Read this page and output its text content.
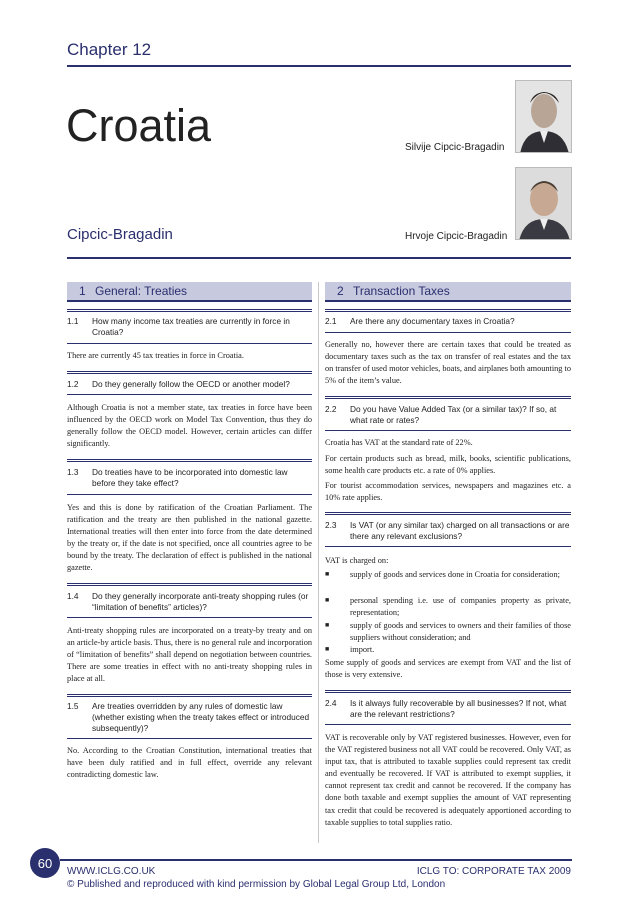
Chapter 12
Croatia	Silvije Cipcic-Bragadin
Hrvoje Cipcic-Bragadin
Cipcic-Bragadin
1 General: Treaties	2 Transaction Taxes
1.1 How many income tax treaties are currently in force in Croatia?
There are currently 45 tax treaties in force in Croatia.
1.2 Do they generally follow the OECD or another model?
Although Croatia is not a member state, tax treaties in force have been influenced by the OECD work on Model Tax Convention, thus they do generally follow the OECD model. However, certain articles can differ significantly.
1.3 Do treaties have to be incorporated into domestic law before they take effect?
Yes and this is done by ratification of the Croatian Parliament. The ratification and the treaty are then published in the national gazette. International treaties will then enter into force from the date determined by the treaty or, if the date is not specified, once all countries agree to be bound by the treaty. The declaration of effect is published in the national gazette.
1.4 Do they generally incorporate anti-treaty shopping rules (or “limitation of benefits” articles)?
Anti-treaty shopping rules are incorporated on a treaty-by treaty and on an article-by article basis. Thus, there is no general rule and incorporation of “limitation of benefits” shall depend on negotiation between countries. There are some treaties in effect with no anti-treaty shopping rules in place at all.
1.5 Are treaties overridden by any rules of domestic law (whether existing when the treaty takes effect or introduced subsequently)?
No. According to the Croatian Constitution, international treaties that have been duly ratified and in full effect, override any relevant contradicting domestic law.
2.1 Are there any documentary taxes in Croatia?
Generally no, however there are certain taxes that could be treated as documentary taxes such as the tax on transfer of real estates and the tax on transfer of used motor vehicles, boats, and airplanes both amounting to 5% of the item’s value.
2.2 Do you have Value Added Tax (or a similar tax)? If so, at what rate or rates?
Croatia has VAT at the standard rate of 22%.
For certain products such as bread, milk, books, scientific publications, some health care products etc. a rate of 0% applies.
For tourist accommodation services, newspapers and magazines etc. a 10% rate applies.
2.3 Is VAT (or any similar tax) charged on all transactions or are there any relevant exclusions?
VAT is charged on:
■	supply of goods and services done in Croatia for consideration;
■	personal spending i.e. use of companies property as private, representation;
■	supply of goods and services to owners and their families of those suppliers without consideration; and
■	import.
Some supply of goods and services are exempt from VAT and the list of those is very extensive.
2.4 Is it always fully recoverable by all businesses? If not, what are the relevant restrictions?
VAT is recoverable only by VAT registered businesses. However, even for the VAT registered business not all VAT could be recovered. Only VAT, as input tax, that is attributed to taxable supplies could represent tax credit and eventually be recovered. If VAT is attributed to exempt supplies, it cannot represent tax credit and cannot be recovered. If the company has done both taxable and exempt supplies the amount of VAT representing tax credit that could be recovered is adequately apportioned according to taxable supplies to total supplies ratio.
60
WWW.ICLG.CO.UK	ICLG TO: CORPORATE TAX 2009
© Published and reproduced with kind permission by Global Legal Group Ltd, London
